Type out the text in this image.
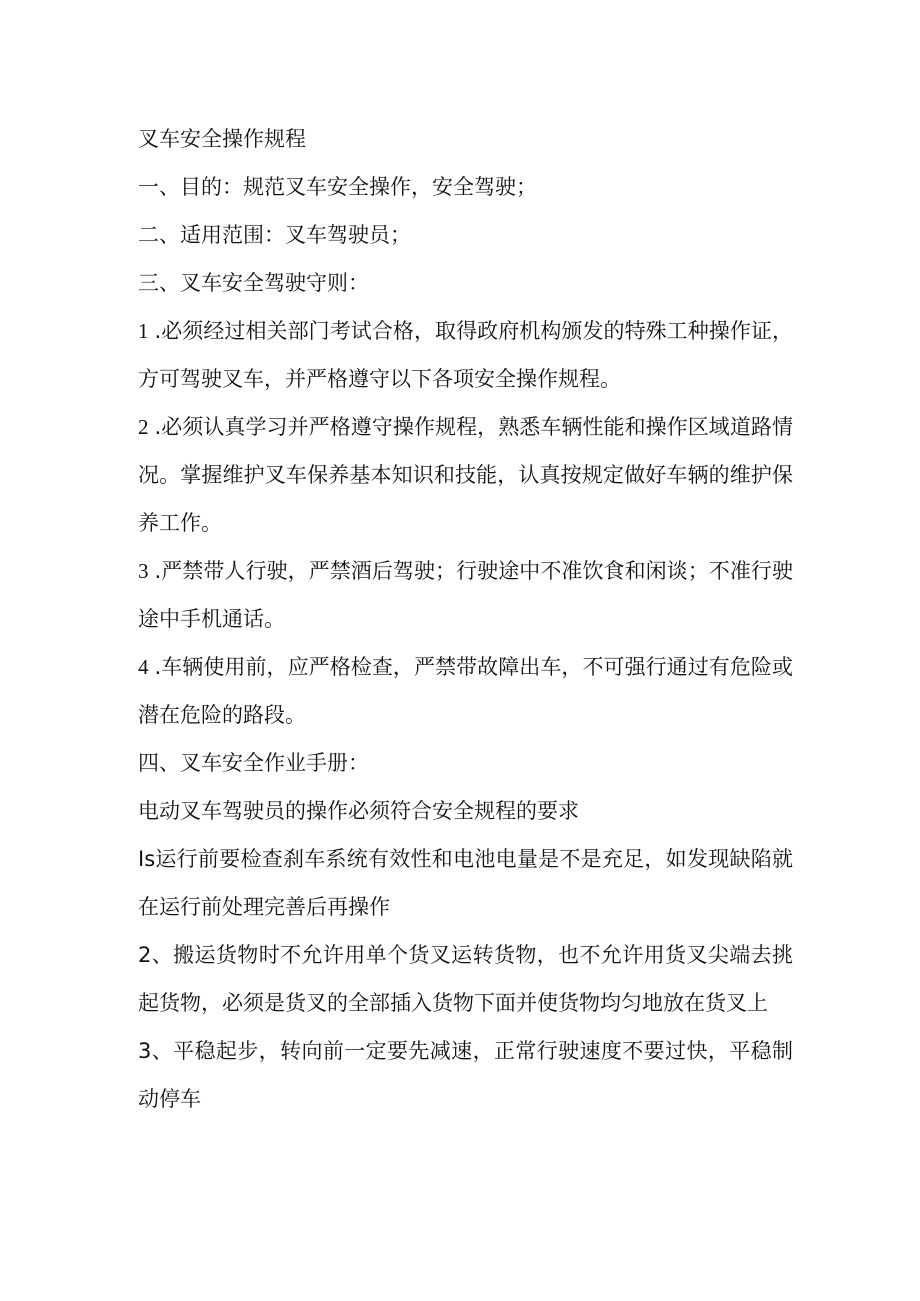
叉车安全操作规程

一、目的：规范叉车安全操作，安全驾驶；

二、适用范围：叉车驾驶员；

三、叉车安全驾驶守则：

1 .必须经过相关部门考试合格，取得政府机构颁发的特殊工种操作证，方可驾驶叉车，并严格遵守以下各项安全操作规程。

2 .必须认真学习并严格遵守操作规程，熟悉车辆性能和操作区域道路情况。掌握维护叉车保养基本知识和技能，认真按规定做好车辆的维护保养工作。

3 .严禁带人行驶，严禁酒后驾驶；行驶途中不准饮食和闲谈；不准行驶途中手机通话。

4 .车辆使用前，应严格检查，严禁带故障出车，不可强行通过有危险或潜在危险的路段。

四、叉车安全作业手册：

电动叉车驾驶员的操作必须符合安全规程的要求

Is运行前要检查刹车系统有效性和电池电量是不是充足，如发现缺陷就在运行前处理完善后再操作

2、搬运货物时不允许用单个货叉运转货物，也不允许用货叉尖端去挑起货物，必须是货叉的全部插入货物下面并使货物均匀地放在货叉上

3、平稳起步，转向前一定要先减速，正常行驶速度不要过快，平稳制动停车
